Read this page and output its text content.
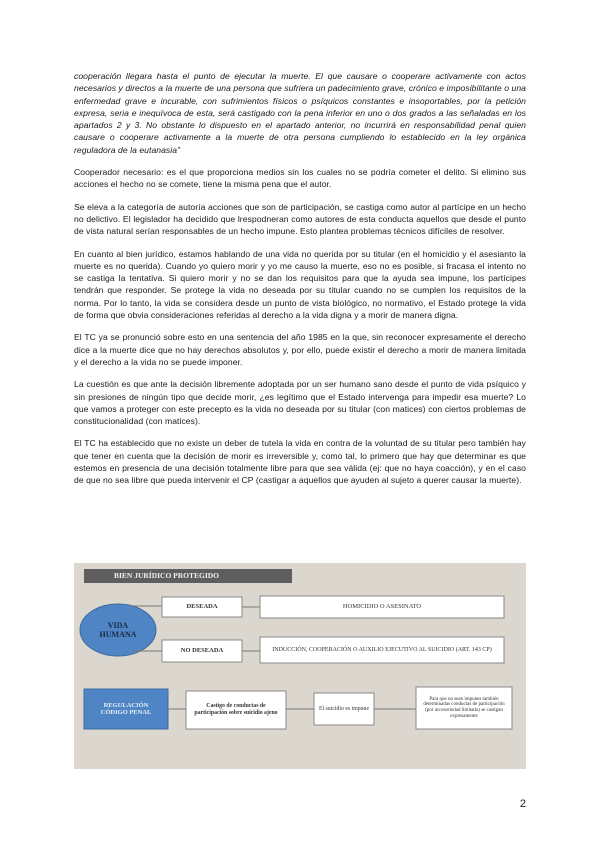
cooperación llegara hasta el punto de ejecutar la muerte. El que causare o cooperare activamente con actos necesarios y directos a la muerte de una persona que sufriera un padecimiento grave, crónico e imposibilitante o una enfermedad grave e incurable, con sufrimientos físicos o psíquicos constantes e insoportables, por la petición expresa, seria e inequívoca de esta, será castigado con la pena inferior en uno o dos grados a las señaladas en los apartados 2 y 3. No obstante lo dispuesto en el apartado anterior, no incurrirá en responsabilidad penal quien causare o cooperare activamente a la muerte de otra persona cumpliendo lo establecido en la ley orgánica reguladora de la eutanasia”

Cooperador necesario: es el que proporciona medios sin los cuales no se podría cometer el delito. Si elimino sus acciones el hecho no se comete, tiene la misma pena que el autor.

Se eleva a la categoría de autoría acciones que son de participación, se castiga como autor al partícipe en un hecho no delictivo. El legislador ha decidido que lrespodneran como autores de esta conducta aquellos que desde el punto de vista natural serían responsables de un hecho impune. Esto plantea problemas técnicos difíciles de resolver.

En cuanto al bien jurídico, estamos hablando de una vida no querida por su titular (en el homicidio y el asesianto la muerte es no querida). Cuando yo quiero morir y yo me causo la muerte, eso no es posible, si fracasa el intento no se castiga la tentativa. Si quiero morir y no se dan los requisitos para que la ayuda sea impune, los partícipes tendrán que responder. Se protege la vida no deseada por su titular cuando no se cumplen los requisitos de la norma. Por lo tanto, la vida se considera desde un punto de vista biológico, no normativo, el Estado protege la vida de forma que obvia consideraciones referidas al derecho a la vida digna y a morir de manera digna.

El TC ya se pronunció sobre esto en una sentencia del año 1985 en la que, sin reconocer expresamente el derecho dice a la muerte dice que no hay derechos absolutos y, por ello, puede existir el derecho a morir de manera limitada y el derecho a la vida no se puede imponer.

La cuestión es que ante la decisión libremente adoptada por un ser humano sano desde el punto de vida psíquico y sin presiones de ningún tipo que decide morir, ¿es legítimo que el Estado intervenga para impedir esa muerte? Lo que vamos a proteger con este precepto es la vida no deseada por su titular (con matices) con ciertos problemas de constitucionalidad (con matices).

El TC ha establecido que no existe un deber de tutela la vida en contra de la voluntad de su titular pero también hay que tener en cuenta que la decisión de morir es irreversible y, como tal, lo primero que hay que determinar es que estemos en presencia de una decisión totalmente libre para que sea válida (ej: que no haya coacción), y en el caso de que no sea libre que pueda intervenir el CP (castigar a aquellos que ayuden al sujeto a querer causar la muerte).

BIEN JURÍDICO PROTEGIDO
VIDA HUMANA
DESEADA
NO DESEADA
HOMICIDIO O ASESINATO
INDUCCIÓN, COOPERACIÓN O AUXILIO EJECUTIVO AL SUICIDIO (ART. 143 CP)
REGULACIÓN CÓDIGO PENAL
Castigo de conductas de participación sobre suicidio ajeno
El suicidio es impune
Para que no sean impunes también determinadas conductas de participación (por accesoriedad limitada) se castigan expresamente
2
